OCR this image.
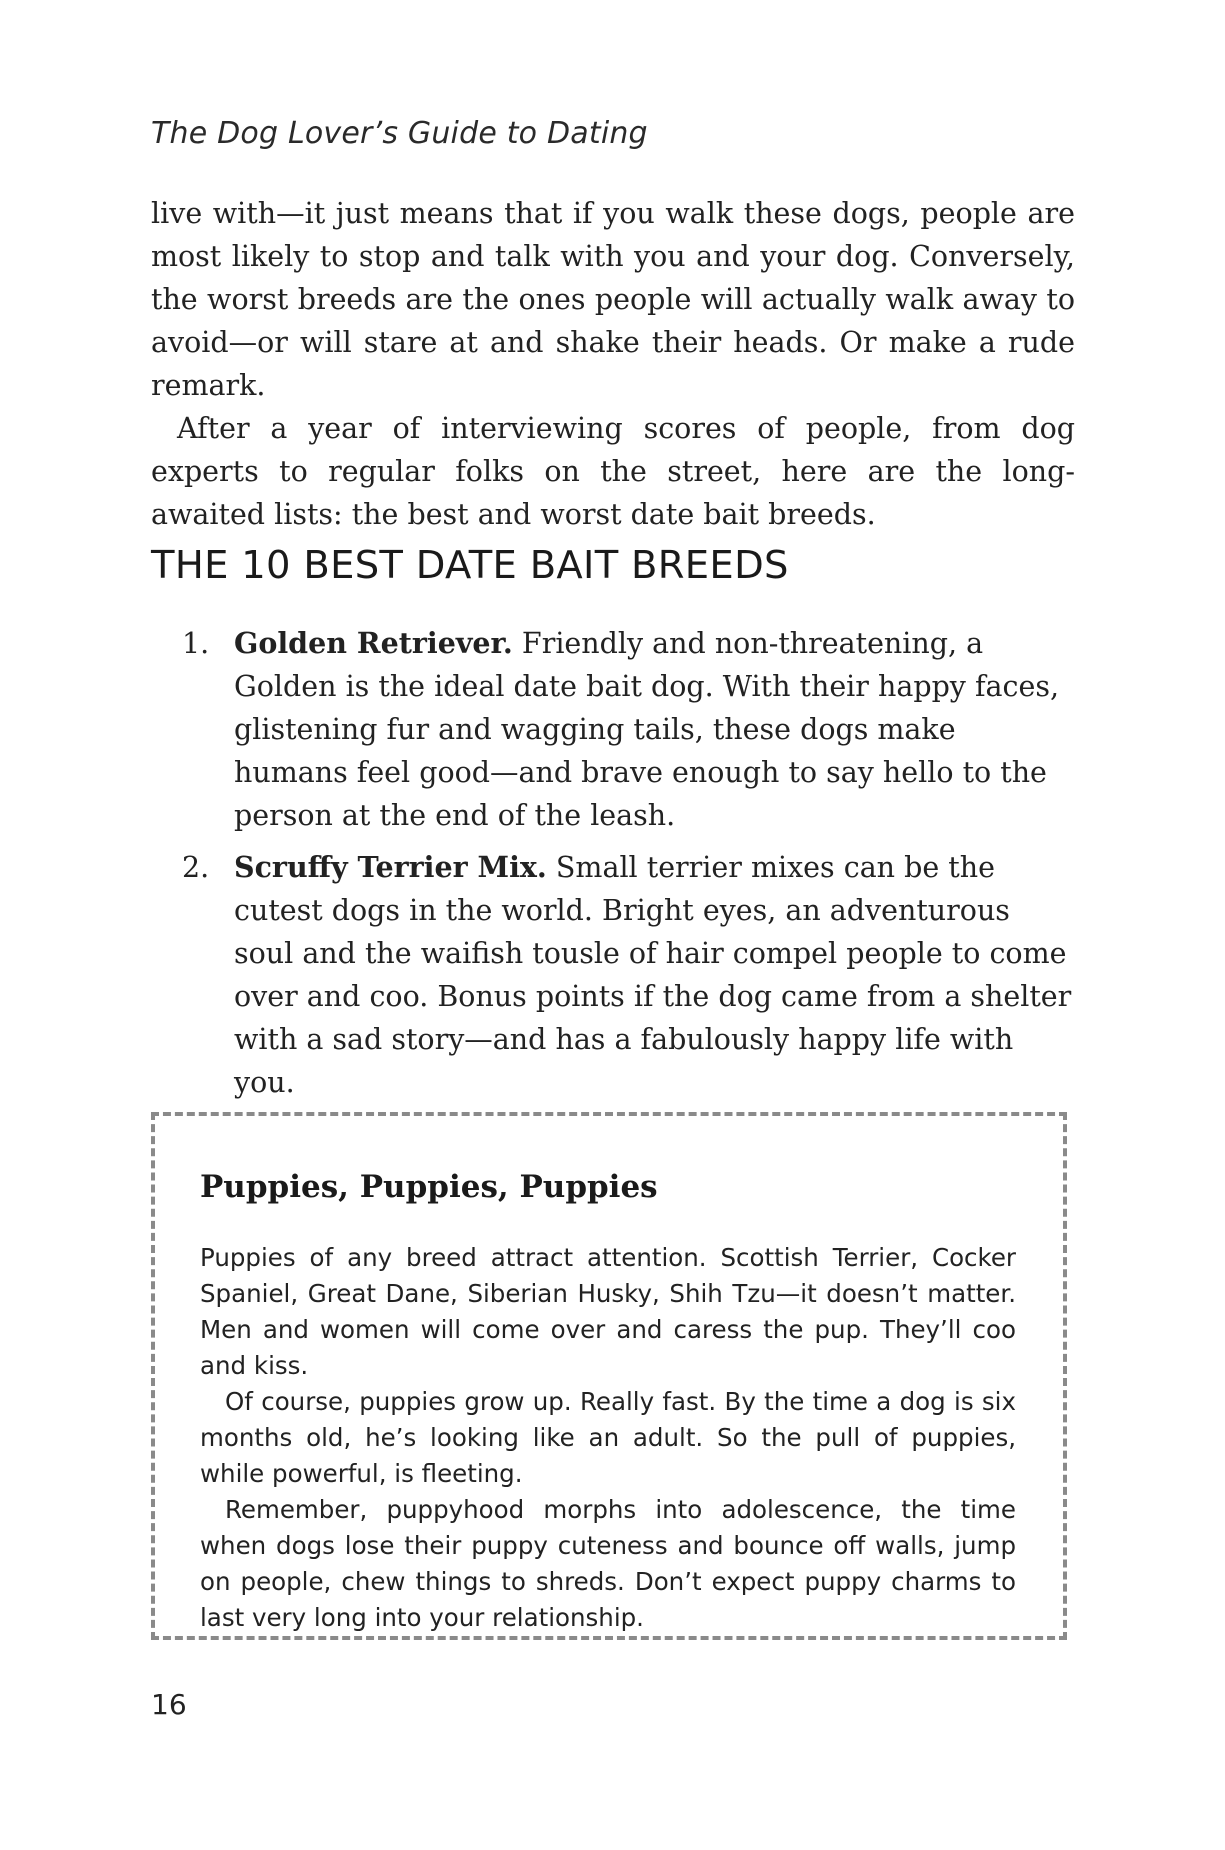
The Dog Lover’s Guide to Dating

live with—it just means that if you walk these dogs, people are most likely to stop and talk with you and your dog. Conversely, the worst breeds are the ones people will actually walk away to avoid—or will stare at and shake their heads. Or make a rude remark.

After a year of interviewing scores of people, from dog experts to regular folks on the street, here are the long-awaited lists: the best and worst date bait breeds.

THE 10 BEST DATE BAIT BREEDS
1. Golden Retriever. Friendly and non-threatening, a Golden is the ideal date bait dog. With their happy faces, glistening fur and wagging tails, these dogs make humans feel good—and brave enough to say hello to the person at the end of the leash.
2. Scruffy Terrier Mix. Small terrier mixes can be the cutest dogs in the world. Bright eyes, an adventurous soul and the waifish tousle of hair compel people to come over and coo. Bonus points if the dog came from a shelter with a sad story—and has a fabulously happy life with you.
Puppies, Puppies, Puppies

Puppies of any breed attract attention. Scottish Terrier, Cocker Spaniel, Great Dane, Siberian Husky, Shih Tzu—it doesn’t matter. Men and women will come over and caress the pup. They’ll coo and kiss.

Of course, puppies grow up. Really fast. By the time a dog is six months old, he’s looking like an adult. So the pull of puppies, while powerful, is fleeting.

Remember, puppyhood morphs into adolescence, the time when dogs lose their puppy cuteness and bounce off walls, jump on people, chew things to shreds. Don’t expect puppy charms to last very long into your relationship.

16
